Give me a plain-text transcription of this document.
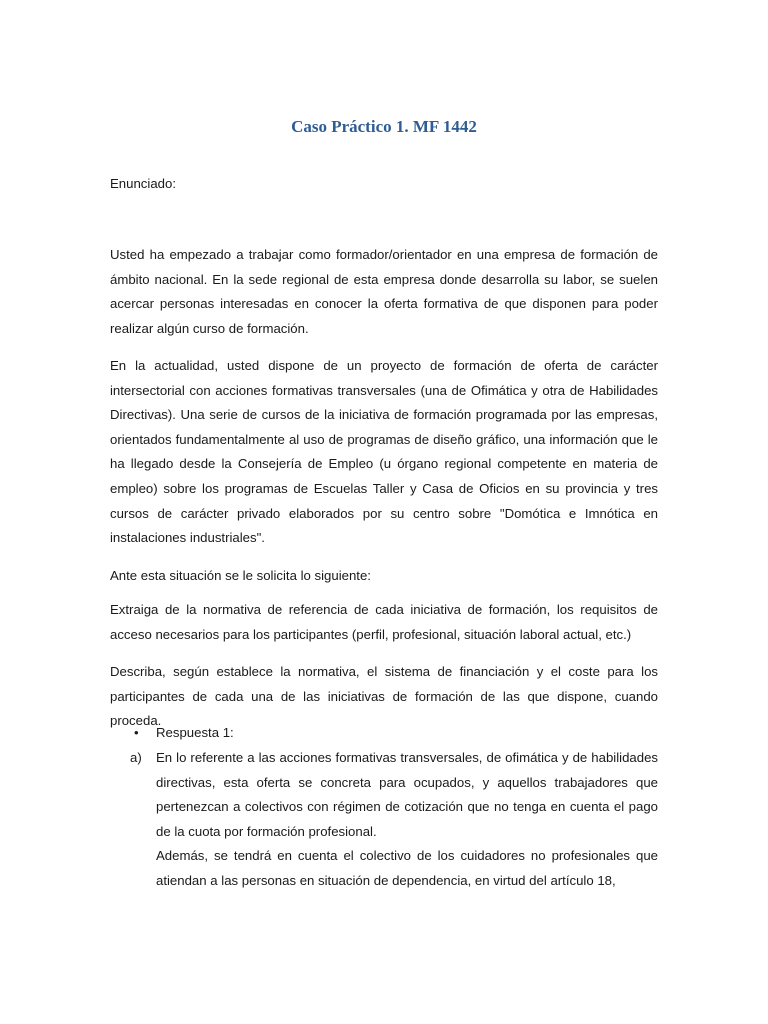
Caso Práctico 1. MF 1442

Enunciado:

Usted ha empezado a trabajar como formador/orientador en una empresa de formación de ámbito nacional. En la sede regional de esta empresa donde desarrolla su labor, se suelen acercar personas interesadas en conocer la oferta formativa de que disponen para poder realizar algún curso de formación.

En la actualidad, usted dispone de un proyecto de formación de oferta de carácter intersectorial con acciones formativas transversales (una de Ofimática y otra de Habilidades Directivas). Una serie de cursos de la iniciativa de formación programada por las empresas, orientados fundamentalmente al uso de programas de diseño gráfico, una información que le ha llegado desde la Consejería de Empleo (u órgano regional competente en materia de empleo) sobre los programas de Escuelas Taller y Casa de Oficios en su provincia y tres cursos de carácter privado elaborados por su centro sobre "Domótica e Imnótica en instalaciones industriales".

Ante esta situación se le solicita lo siguiente:

Extraiga de la normativa de referencia de cada iniciativa de formación, los requisitos de acceso necesarios para los participantes (perfil, profesional, situación laboral actual, etc.)

Describa, según establece la normativa, el sistema de financiación y el coste para los participantes de cada una de las iniciativas de formación de las que dispone, cuando proceda.

• Respuesta 1:
a) En lo referente a las acciones formativas transversales, de ofimática y de habilidades directivas, esta oferta se concreta para ocupados, y aquellos trabajadores que pertenezcan a colectivos con régimen de cotización que no tenga en cuenta el pago de la cuota por formación profesional.

Además, se tendrá en cuenta el colectivo de los cuidadores no profesionales que atiendan a las personas en situación de dependencia, en virtud del artículo 18,
